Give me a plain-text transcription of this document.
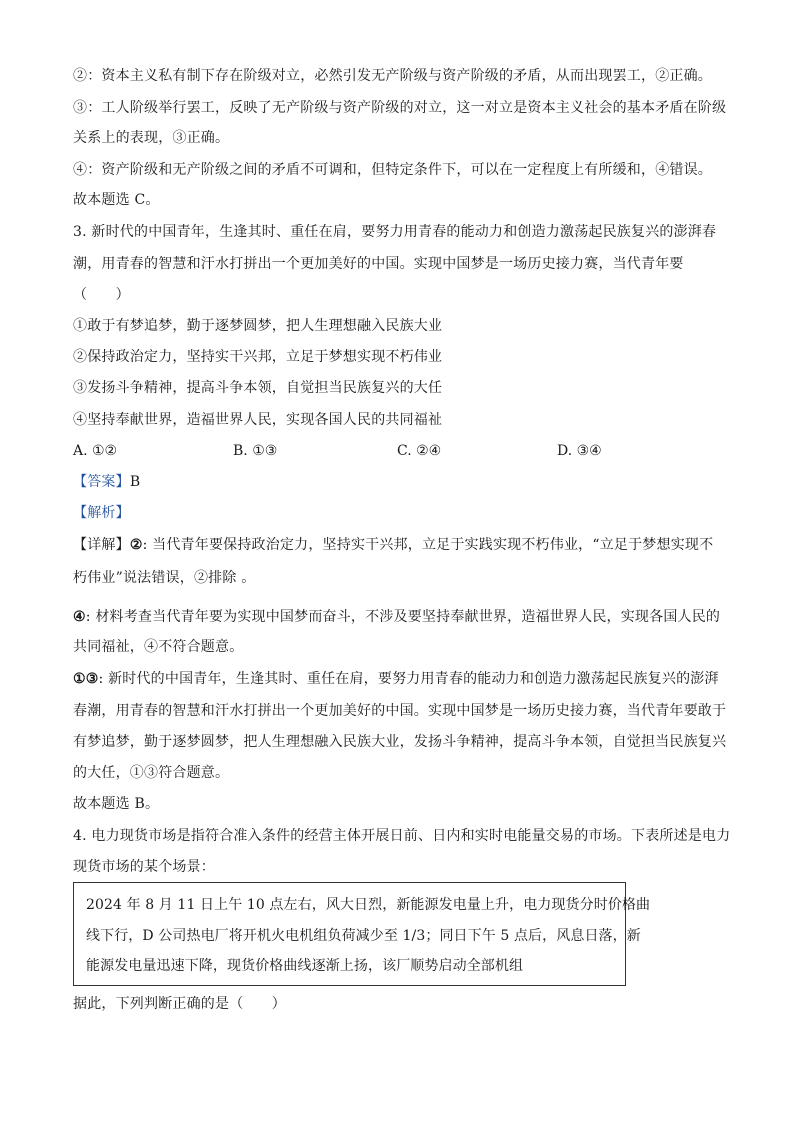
②：资本主义私有制下存在阶级对立，必然引发无产阶级与资产阶级的矛盾，从而出现罢工，②正确。
③：工人阶级举行罢工，反映了无产阶级与资产阶级的对立，这一对立是资本主义社会的基本矛盾在阶级
关系上的表现，③正确。
④：资产阶级和无产阶级之间的矛盾不可调和，但特定条件下，可以在一定程度上有所缓和，④错误。
故本题选 C。
3. 新时代的中国青年，生逢其时、重任在肩，要努力用青春的能动力和创造力激荡起民族复兴的澎湃春
潮，用青春的智慧和汗水打拼出一个更加美好的中国。实现中国梦是一场历史接力赛，当代青年要
（　　）
①敢于有梦追梦，勤于逐梦圆梦，把人生理想融入民族大业
②保持政治定力，坚持实干兴邦，立足于梦想实现不朽伟业
③发扬斗争精神，提高斗争本领，自觉担当民族复兴的大任
④坚持奉献世界，造福世界人民，实现各国人民的共同福祉
A. ①②	B. ①③	C. ②④	D. ③④
【答案】B
【解析】
【详解】②: 当代青年要保持政治定力，坚持实干兴邦，立足于实践实现不朽伟业，“立足于梦想实现不
朽伟业”说法错误，②排除 。
④: 材料考查当代青年要为实现中国梦而奋斗，不涉及要坚持奉献世界，造福世界人民，实现各国人民的
共同福祉，④不符合题意。
①③: 新时代的中国青年，生逢其时、重任在肩，要努力用青春的能动力和创造力激荡起民族复兴的澎湃
春潮，用青春的智慧和汗水打拼出一个更加美好的中国。实现中国梦是一场历史接力赛，当代青年要敢于
有梦追梦，勤于逐梦圆梦，把人生理想融入民族大业，发扬斗争精神，提高斗争本领，自觉担当民族复兴
的大任，①③符合题意。
故本题选 B。
4. 电力现货市场是指符合准入条件的经营主体开展日前、日内和实时电能量交易的市场。下表所述是电力
现货市场的某个场景：
2024 年 8 月 11 日上午 10 点左右，风大日烈，新能源发电量上升，电力现货分时价格曲
线下行，D 公司热电厂将开机火电机组负荷减少至 1/3；同日下午 5 点后，风息日落，新
能源发电量迅速下降，现货价格曲线逐渐上扬，该厂顺势启动全部机组
据此，下列判断正确的是（　　）
